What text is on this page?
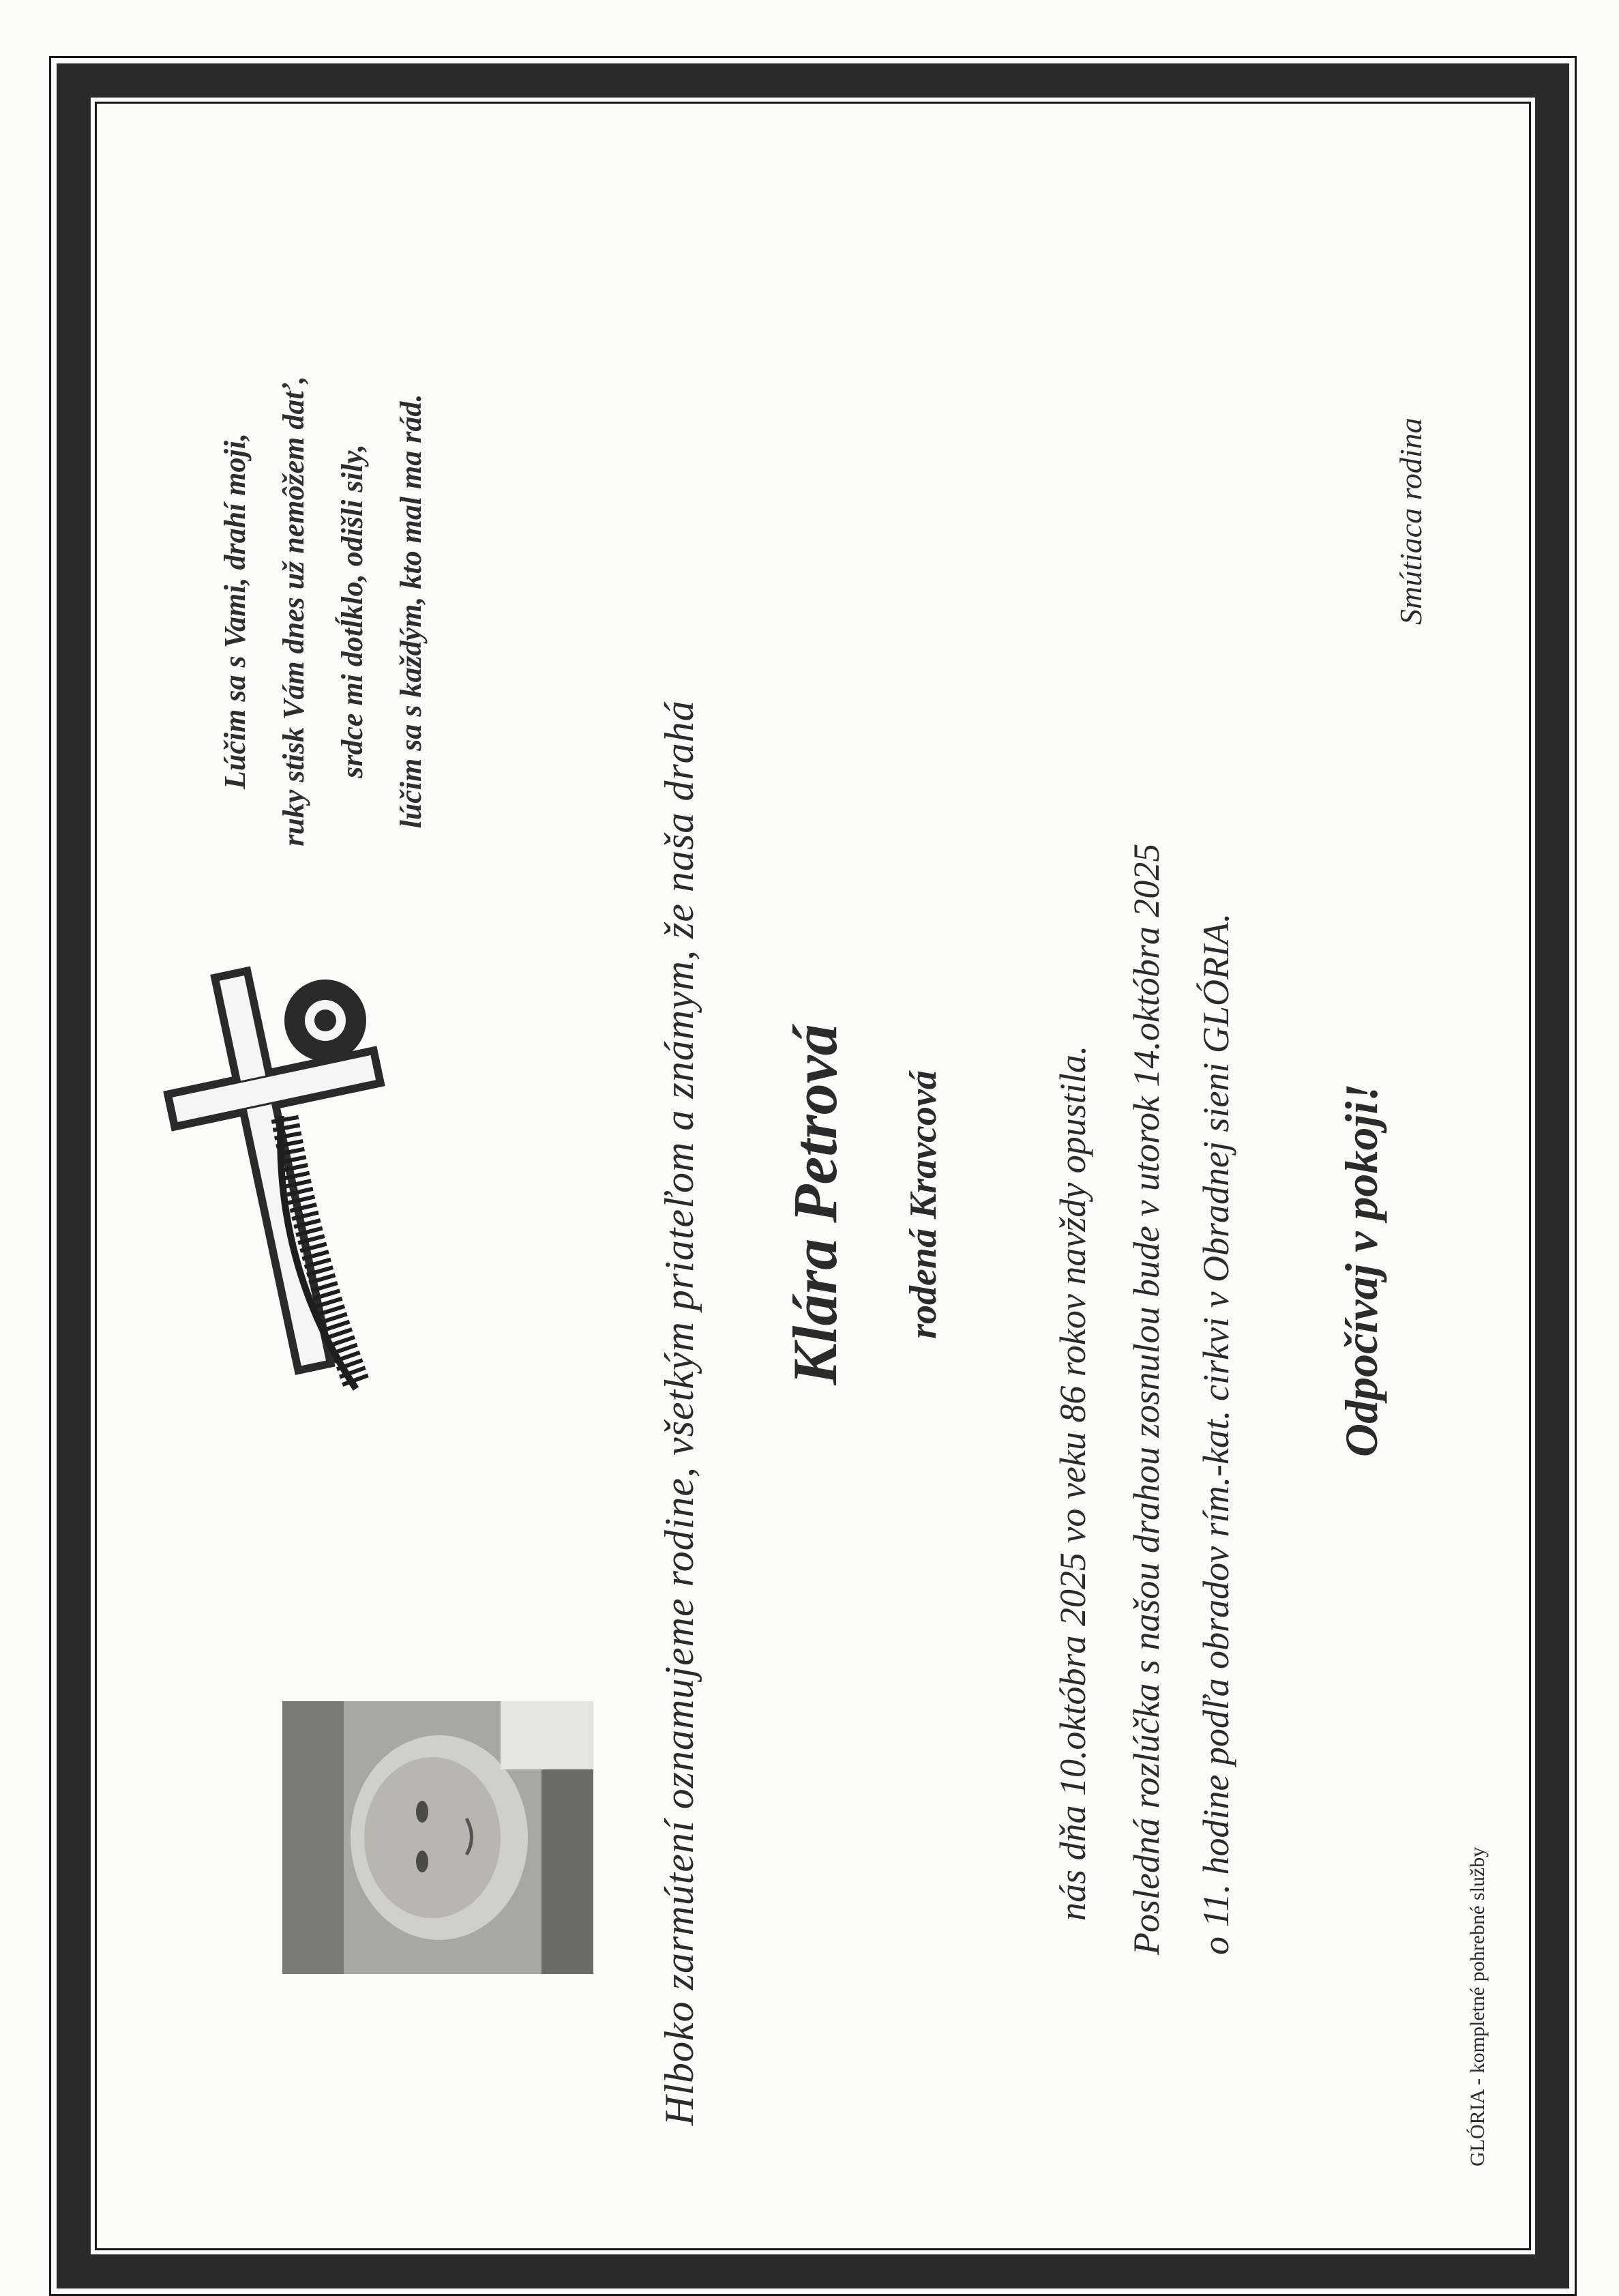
Lúčim sa s Vami, drahí moji, ruky stisk Vám dnes už nemôžem dať, srdce mi dotĺklo, odišli sily, lúčim sa s každým, kto mal ma rád.
Hlboko zarmútení oznamujeme rodine, všetkým priateľom a známym, že naša drahá Klára Petrová rodená Kravcová	nás dňa 10.októbra 2025 vo veku 86 rokov navždy opustila. Posledná rozlúčka s našou drahou zosnulou bude v utorok 14.októbra 2025 o 11. hodine podľa obradov rím.-kat. cirkvi v Obradnej sieni GLÓRIA. Odpočívaj v pokoji!
Smútiaca rodina
GLÓRIA - kompletné pohrebné služby
